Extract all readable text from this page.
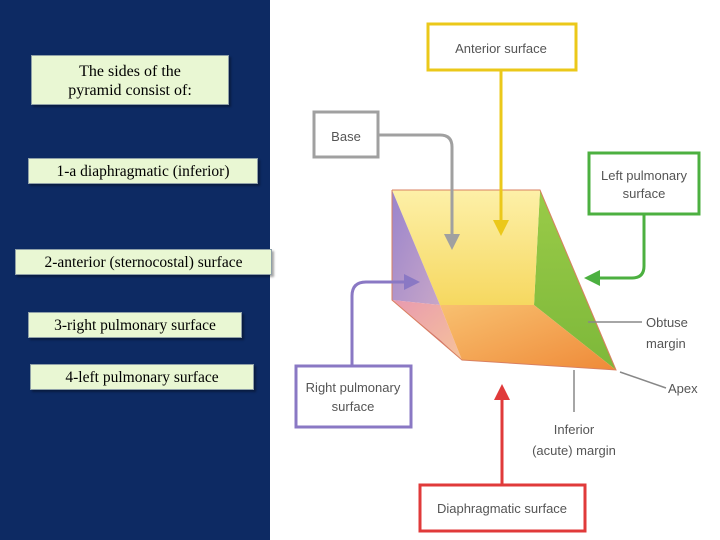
The sides of the
pyramid consist of:
1-a diaphragmatic (inferior)
2-anterior (sternocostal) surface
3-right pulmonary surface
4-left pulmonary surface
Anterior surface
Base
Left pulmonary
surface
Obtuse
margin
Apex
Right pulmonary
surface
Inferior
(acute) margin
Diaphragmatic surface
